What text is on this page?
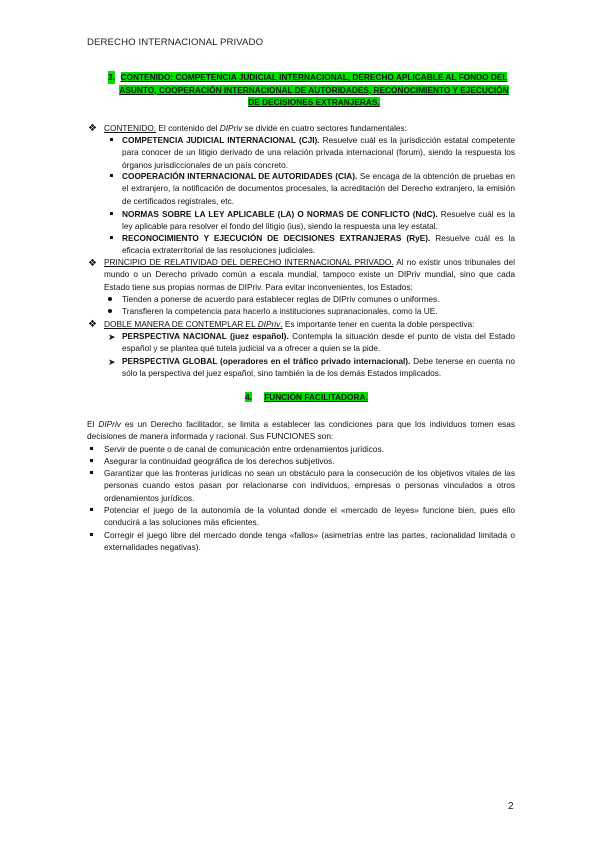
DERECHO INTERNACIONAL PRIVADO
3. CONTENIDO: COMPETENCIA JUDICIAL INTERNACIONAL, DERECHO APLICABLE AL FONDO DEL ASUNTO, COOPERACIÓN INTERNACIONAL DE AUTORIDADES, RECONOCIMIENTO Y EJECUCIÓN DE DECISIONES EXTRANJERAS.
❖ CONTENIDO. El contenido del DIPriv se divide en cuatro sectores fundamentales:
COMPETENCIA JUDICIAL INTERNACIONAL (CJI). Resuelve cuál es la jurisdicción estatal competente para conocer de un litigio derivado de una relación privada internacional (forum), siendo la respuesta los órganos jurisdiccionales de un país concreto.
COOPERACIÓN INTERNACIONAL DE AUTORIDADES (CIA). Se encaga de la obtención de pruebas en el extranjero, la notificación de documentos procesales, la acreditación del Derecho extranjero, la emisión de certificados registrales, etc.
NORMAS SOBRE LA LEY APLICABLE (LA) O NORMAS DE CONFLICTO (NdC). Resuelve cuál es la ley aplicable para resolver el fondo del litigio (ius), siendo la respuesta una ley estatal.
RECONOCIMIENTO Y EJECUCIÓN DE DECISIONES EXTRANJERAS (RyE). Resuelve cuál es la eficacia extraterritorial de las resoluciones judiciales.
❖ PRINCIPIO DE RELATIVIDAD DEL DERECHO INTERNACIONAL PRIVADO. Al no existir unos tribunales del mundo o un Derecho privado común a escala mundial, tampoco existe un DIPriv mundial, sino que cada Estado tiene sus propias normas de DIPriv. Para evitar inconvenientes, los Estados:
Tienden a ponerse de acuerdo para establecer reglas de DIPriv comunes o uniformes.
Transfieren la competencia para hacerlo a instituciones supranacionales, como la UE.
❖ DOBLE MANERA DE CONTEMPLAR EL DIPriv. Es importante tener en cuenta la doble perspectiva:
➤ PERSPECTIVA NACIONAL (juez español). Contempla la situación desde el punto de vista del Estado español y se plantea qué tutela judicial va a ofrecer a quien se la pide.
➤ PERSPECTIVA GLOBAL (operadores en el tráfico privado internacional). Debe tenerse en cuenta no sólo la perspectiva del juez español, sino también la de los demás Estados implicados.
4. FUNCIÓN FACILITADORA.
El DIPriv es un Derecho facilitador, se limita a establecer las condiciones para que los individuos tomen esas decisiones de manera informada y racional. Sus FUNCIONES son:
Servir de puente o de canal de comunicación entre ordenamientos jurídicos.
Asegurar la continuidad geográfica de los derechos subjetivos.
Garantizar que las fronteras jurídicas no sean un obstáculo para la consecución de los objetivos vitales de las personas cuando estos pasan por relacionarse con individuos, empresas o personas vinculados a otros ordenamientos jurídicos.
Potenciar el juego de la autonomía de la voluntad donde el «mercado de leyes» funcione bien, pues ello conducirá a las soluciones más eficientes.
Corregir el juego libre del mercado donde tenga «fallos» (asimetrías entre las partes, racionalidad limitada o externalidades negativas).
2
